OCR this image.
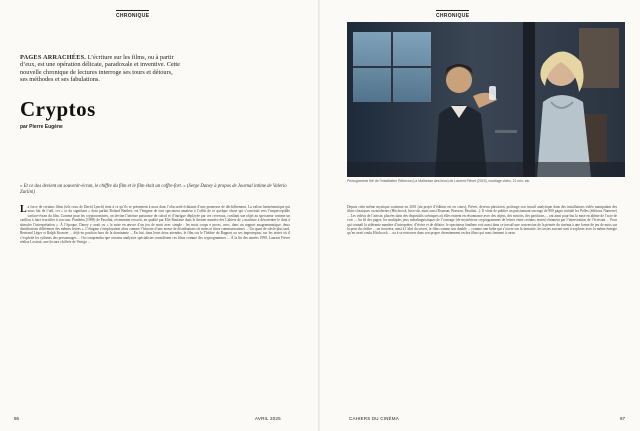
CHRONIQUE
PAGES ARRACHÉES. L’écriture sur les films, ou à partir d’eux, est une opération délicate, paradoxale et inventive. Cette nouvelle chronique de lectures interroge ses tours et détours, ses méthodes et ses fabulations.
Cryptos
par Pierre Eugène
« Et ce dos devient un souvenir-écran, le chiffre du film et le film était un coffre-fort. » (Serge Daney à propos de Journal intime de Valerio Zurlini)
L a force de certains films (tels ceux de David Lynch) tient à ce qu’ils se présentent à nous dans l’obscurité éclatante d’une promesse de déchiffrement. La valeur herméneutique qui nous fait de l’œil, cet « or du signifiant » dont parlait Roland Barthes, est l’énigme de tout spectateur amateur à l’affût de ce quelque chose qui s’ouvrirait vers l’imperceptible surface-écran du film. Comme pour les cryptonomistes, on devine l’intense puissance de calcul et d’intrigue déployée par ces cerveaux, confiant son objet au spectateur comme un carillon à faire fructifier à son tour. Panthéra (1969) de Pasolini, récemment ressorti, en qualité par Elie Raufaste dans le dernier numéro des Cahiers de « machine à désorienter le dont à stimuler l’interprétation ». À l’époque, Daney y avait vu « la mise en œuvre d’un jeu de mots avec simple : les mots coups e poces, avec, dans un rapport anagrammatique, deux distributions différentes des mêmes lettres ». L’énigme s’employaient alors comme l’histoire d’une erreur de distributions où notes et titres communicateurs ... Un quart de siècle plus tard, Bertrand Léger et Ralph Kronzer ... déjà en position hors de la dominante ... En fait, dans leurs deux attendus, le film sur le Théâtre du Rapport ou ses impromptus, sur les textes où il s’exploite les rythmes des personnages ... On comprendra que certains analystes spécialistes considèrent ces films comme des cryptogrammes ... À la fin des années 1990, Laurent Fiévet réalise Lextrait, une lecture chiffrée de Vertigo ...
86	AVRIL 2025
CHRONIQUE
CAHIERS DU CINÉMA	87
Photogramme tiré de l’installation Rebecca (La Maîtresse des lieux) de Laurent Fiévet (2015), montage vidéo, 21 min, etc.
Depuis cette même mystique soutenue en 2001 (un projet d’édition est en cours), Fiévet, devenu plasticien, prolonge son travail analytique dans des installations vidéo manipulant des films classiques ou modernes (Hitchcock, bien sûr, mais aussi Rosman, Bresson, Pasolini...). Il vient de publier un passionnant ouvrage de 900 pages intitulé les Pelles (éditions Nanterre) ... Les vidéos de l’artiste, placées dans des dispositifs scéniques où elles entrent en résonnance avec des objets, des miroirs, des partitions..., ont ainsi pour but la mise en abîme de l’acte de voir ... Au fil des pages, les multiples jeux métalinguistiques de l’ouvrage (de mystérieux cryptogrammes de lettres entre certains textes) étonnent par l’intervention de l’écrivain ... Pour qui connaît la sidérante manière d’interpréter, d’écrire et de défaire, le spectateur fantôme voit aussi dans ce travail une conversion de la pensée du cinéma à une forme de jeu de mots sur la peur du chiffre ... on trouvera, ainsi à l’abri du secret, le film comme son double ... comme une boîte qui s’ouvre sur la fantaisie, les textes suivant sont à explorer avec la même énergie qu’en avait voulu Hitchcock ... ou à se retrouver dans son propre cheminement en des films qui nous tiennent à cœur.
